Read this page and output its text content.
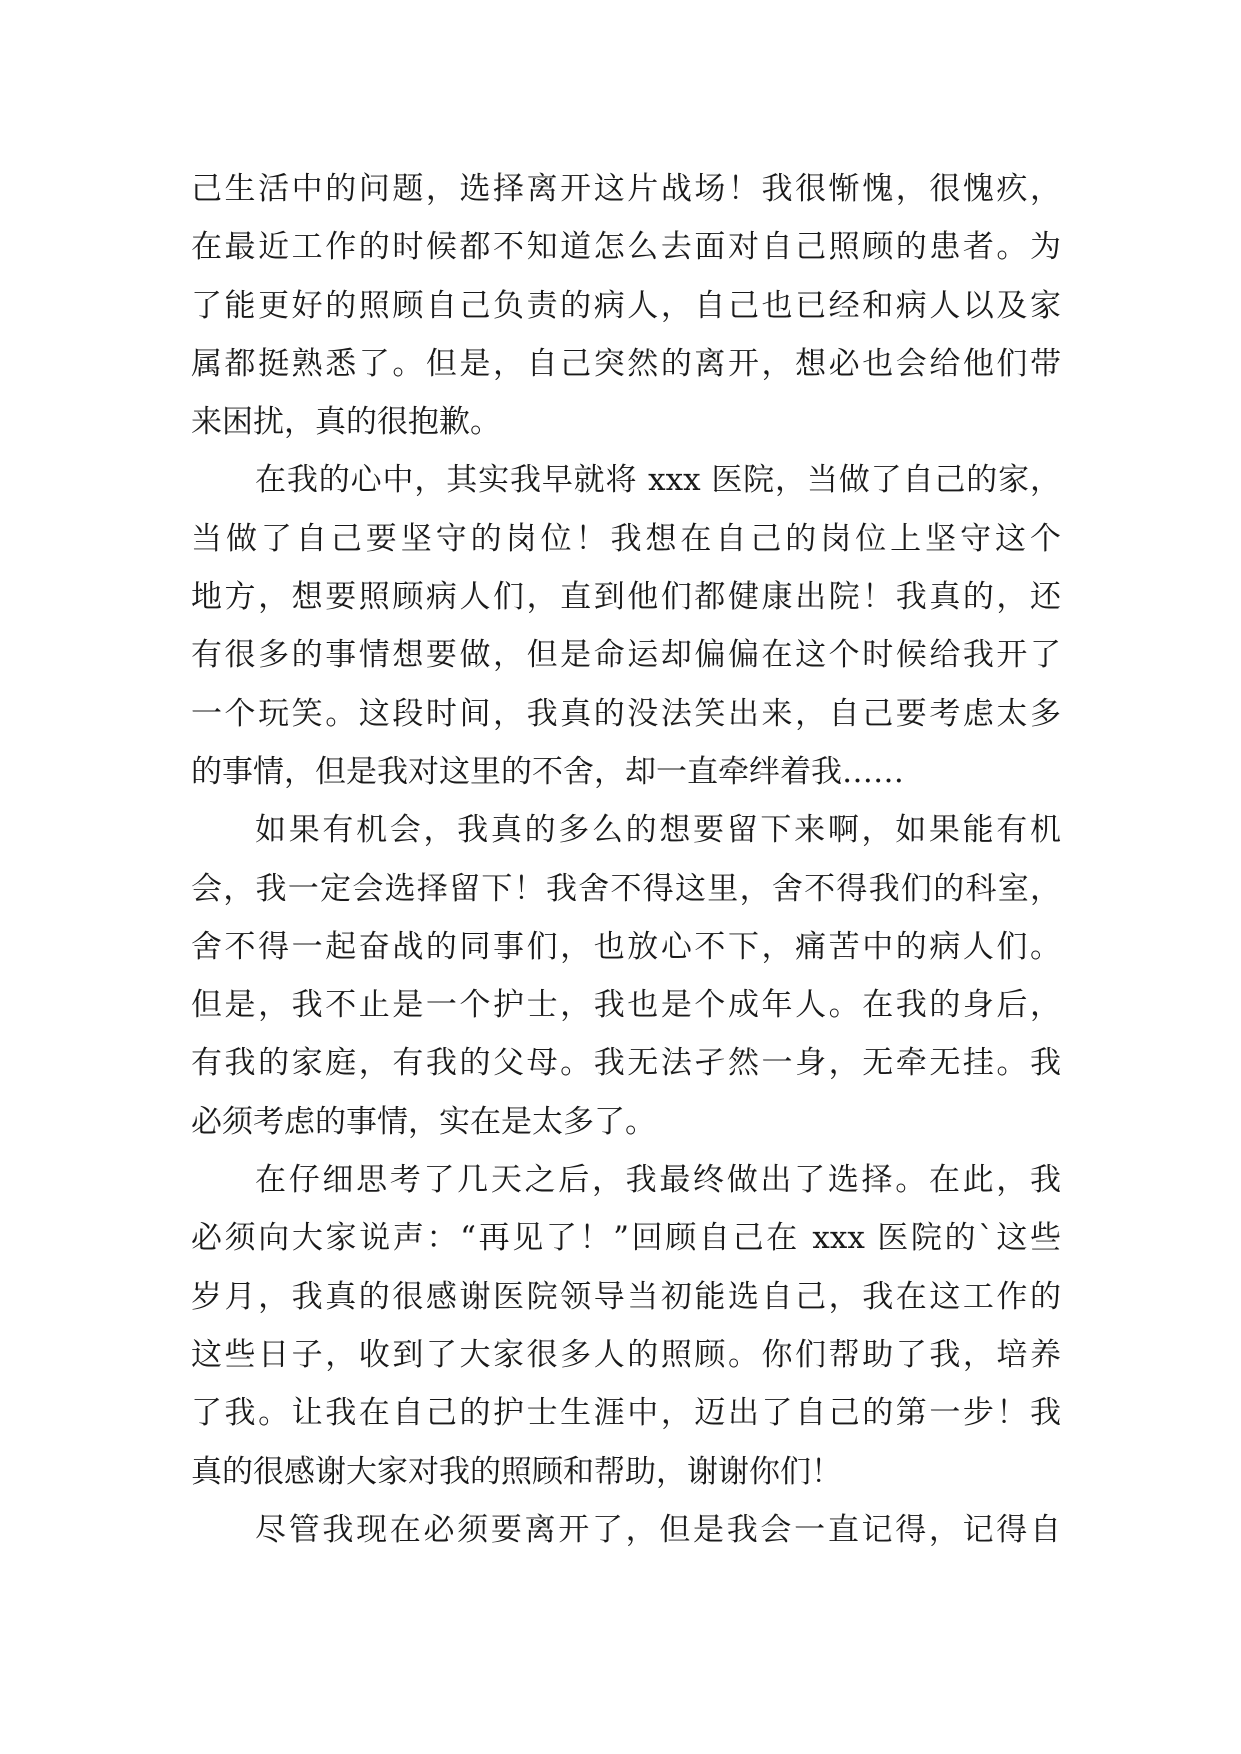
己生活中的问题，选择离开这片战场！我很惭愧，很愧疚，
在最近工作的时候都不知道怎么去面对自己照顾的患者。为
了能更好的照顾自己负责的病人，自己也已经和病人以及家
属都挺熟悉了。但是，自己突然的离开，想必也会给他们带
来困扰，真的很抱歉。
在我的心中，其实我早就将 xxx 医院，当做了自己的家，
当做了自己要坚守的岗位！我想在自己的岗位上坚守这个
地方，想要照顾病人们，直到他们都健康出院！我真的，还
有很多的事情想要做，但是命运却偏偏在这个时候给我开了
一个玩笑。这段时间，我真的没法笑出来，自己要考虑太多
的事情，但是我对这里的不舍，却一直牵绊着我……
如果有机会，我真的多么的想要留下来啊，如果能有机
会，我一定会选择留下！我舍不得这里，舍不得我们的科室，
舍不得一起奋战的同事们，也放心不下，痛苦中的病人们。
但是，我不止是一个护士，我也是个成年人。在我的身后，
有我的家庭，有我的父母。我无法孑然一身，无牵无挂。我
必须考虑的事情，实在是太多了。
在仔细思考了几天之后，我最终做出了选择。在此，我
必须向大家说声：“再见了！”回顾自己在 xxx 医院的`这些
岁月，我真的很感谢医院领导当初能选自己，我在这工作的
这些日子，收到了大家很多人的照顾。你们帮助了我，培养
了我。让我在自己的护士生涯中，迈出了自己的第一步！我
真的很感谢大家对我的照顾和帮助，谢谢你们！
尽管我现在必须要离开了，但是我会一直记得，记得自
